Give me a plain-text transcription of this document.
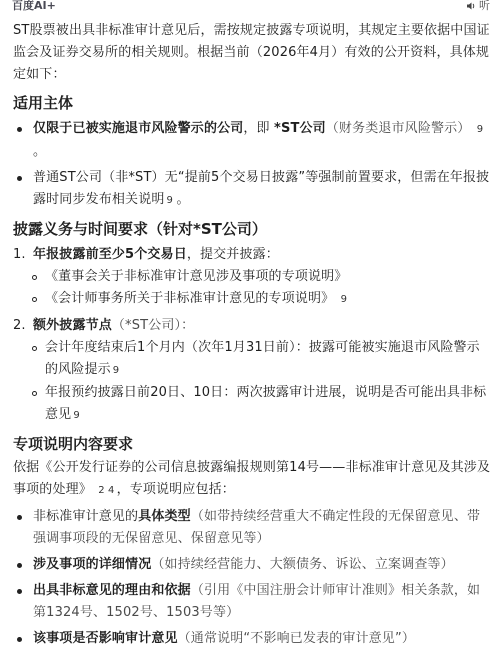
百度AI+	听

ST股票被出具非标准审计意见后，需按规定披露专项说明，其规定主要依据中国证监会及证券交易所的相关规则。根据当前（2026年4月）有效的公开资料，具体规定如下：

适用主体

仅限于已被实施退市风险警示的公司，即 *ST公司（财务类退市风险警示） 9。

普通ST公司（非*ST）无“提前5个交易日披露”等强制前置要求，但需在年报披露时同步发布相关说明 9 。

披露义务与时间要求（针对*ST公司）

1. 年报披露前至少5个交易日，提交并披露：

《董事会关于非标准审计意见涉及事项的专项说明》

《会计师事务所关于非标准审计意见的专项说明》 9

2. 额外披露节点（*ST公司）：

会计年度结束后1个月内（次年1月31日前）：披露可能被实施退市风险警示的风险提示 9

年报预约披露日前20日、10日：两次披露审计进展，说明是否可能出具非标意见 9

专项说明内容要求

依据《公开发行证券的公司信息披露编报规则第14号——非标准审计意见及其涉及事项的处理》 2 4 ，专项说明应包括：

非标准审计意见的具体类型（如带持续经营重大不确定性段的无保留意见、带强调事项段的无保留意见、保留意见等）

涉及事项的详细情况（如持续经营能力、大额债务、诉讼、立案调查等）

出具非标意见的理由和依据（引用《中国注册会计师审计准则》相关条款，如第1324号、1502号、1503号等）

该事项是否影响审计意见（通常说明“不影响已发表的审计意见”）
